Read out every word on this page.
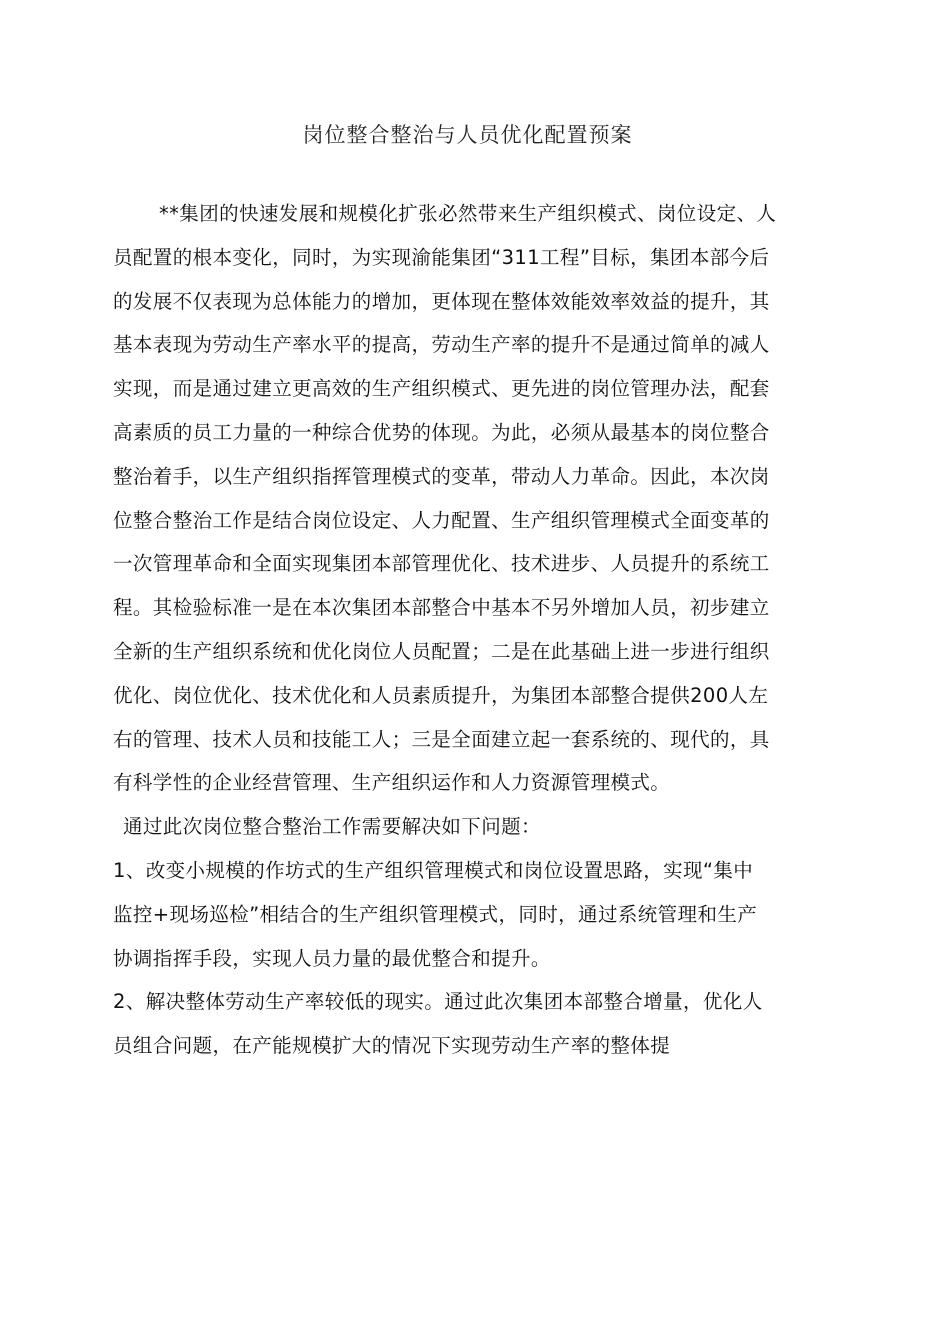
岗位整合整治与人员优化配置预案
**集团的快速发展和规模化扩张必然带来生产组织模式、岗位设定、人
员配置的根本变化，同时，为实现渝能集团“311工程”目标，集团本部今后
的发展不仅表现为总体能力的增加，更体现在整体效能效率效益的提升，其
基本表现为劳动生产率水平的提高，劳动生产率的提升不是通过简单的减人
实现，而是通过建立更高效的生产组织模式、更先进的岗位管理办法，配套
高素质的员工力量的一种综合优势的体现。为此，必须从最基本的岗位整合
整治着手，以生产组织指挥管理模式的变革，带动人力革命。因此，本次岗
位整合整治工作是结合岗位设定、人力配置、生产组织管理模式全面变革的
一次管理革命和全面实现集团本部管理优化、技术进步、人员提升的系统工
程。其检验标准一是在本次集团本部整合中基本不另外增加人员，初步建立
全新的生产组织系统和优化岗位人员配置；二是在此基础上进一步进行组织
优化、岗位优化、技术优化和人员素质提升，为集团本部整合提供200人左
右的管理、技术人员和技能工人；三是全面建立起一套系统的、现代的，具
有科学性的企业经营管理、生产组织运作和人力资源管理模式。
通过此次岗位整合整治工作需要解决如下问题：
1、改变小规模的作坊式的生产组织管理模式和岗位设置思路，实现“集中
监控+现场巡检”相结合的生产组织管理模式，同时，通过系统管理和生产
协调指挥手段，实现人员力量的最优整合和提升。
2、解决整体劳动生产率较低的现实。通过此次集团本部整合增量，优化人
员组合问题，在产能规模扩大的情况下实现劳动生产率的整体提
